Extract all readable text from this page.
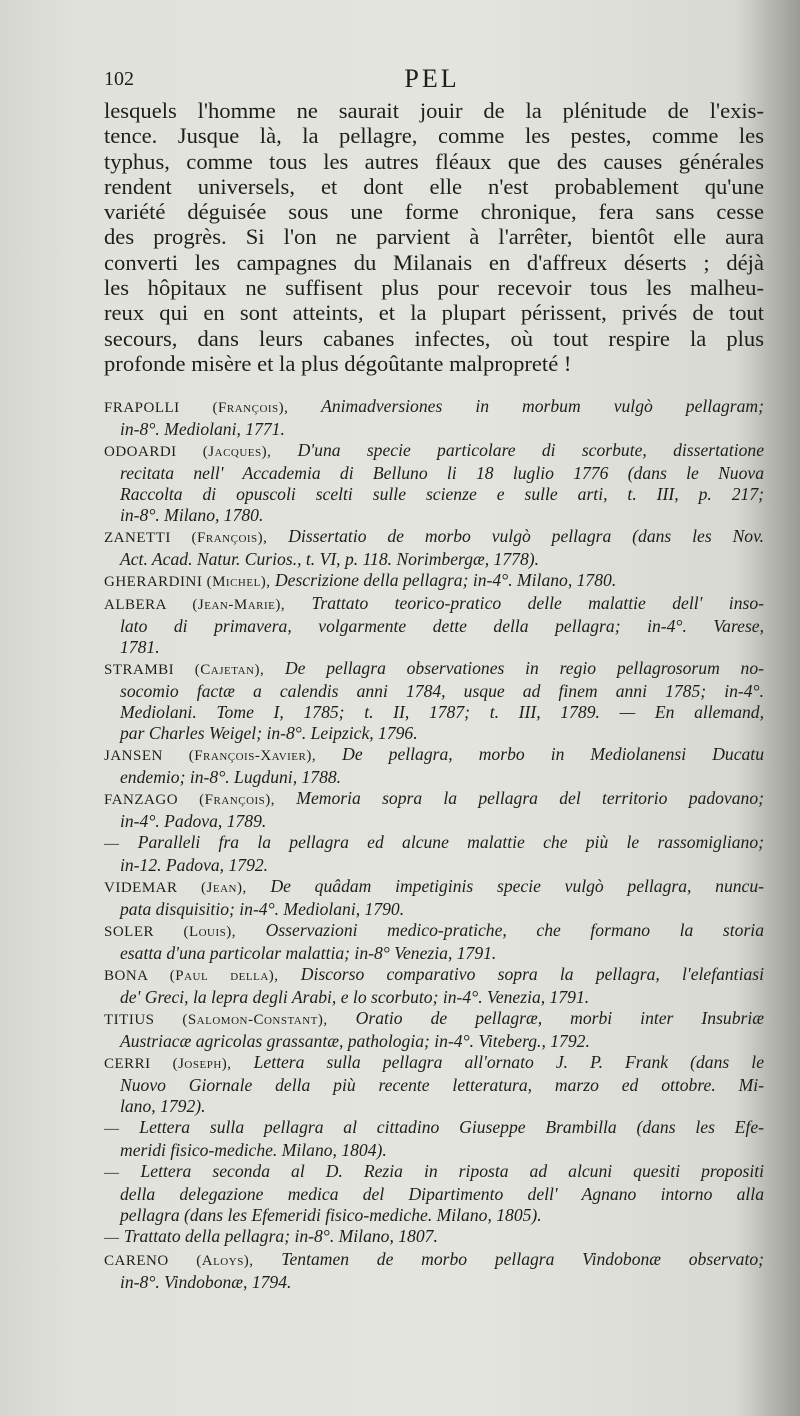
102	PEL
lesquels l'homme ne saurait jouir de la plénitude de l'exis-
tence. Jusque là, la pellagre, comme les pestes, comme les
typhus, comme tous les autres fléaux que des causes générales
rendent universels, et dont elle n'est probablement qu'une
variété déguisée sous une forme chronique, fera sans cesse
des progrès. Si l'on ne parvient à l'arrêter, bientôt elle aura
converti les campagnes du Milanais en d'affreux déserts ; déjà
les hôpitaux ne suffisent plus pour recevoir tous les malheu-
reux qui en sont atteints, et la plupart périssent, privés de tout
secours, dans leurs cabanes infectes, où tout respire la plus
profonde misère et la plus dégoûtante malpropreté !
FRAPOLLI (François), Animadversiones in morbum vulgò pellagram;
in-8°. Mediolani, 1771.
ODOARDI (Jacques), D'una specie particolare di scorbute, dissertatione
recitata nell' Accademia di Belluno li 18 luglio 1776 (dans le Nuova
Raccolta di opuscoli scelti sulle scienze e sulle arti, t. III, p. 217;
in-8°. Milano, 1780.
ZANETTI (François), Dissertatio de morbo vulgò pellagra (dans les Nov.
Act. Acad. Natur. Curios., t. VI, p. 118. Norimbergæ, 1778).
GHERARDINI (Michel), Descrizione della pellagra; in-4°. Milano, 1780.
ALBERA (Jean-Marie), Trattato teorico-pratico delle malattie dell' inso-
lato di primavera, volgarmente dette della pellagra; in-4°. Varese,
1781.
STRAMBI (Cajetan), De pellagra observationes in regio pellagrosorum no-
socomio factæ a calendis anni 1784, usque ad finem anni 1785; in-4°.
Mediolani. Tome I, 1785; t. II, 1787; t. III, 1789. — En allemand,
par Charles Weigel; in-8°. Leipzick, 1796.
JANSEN (François-Xavier), De pellagra, morbo in Mediolanensi Ducatu
endemio; in-8°. Lugduni, 1788.
FANZAGO (François), Memoria sopra la pellagra del territorio padovano;
in-4°. Padova, 1789.
— Paralleli fra la pellagra ed alcune malattie che più le rassomigliano;
in-12. Padova, 1792.
VIDEMAR (Jean), De quâdam impetiginis specie vulgò pellagra, nuncu-
pata disquisitio; in-4°. Mediolani, 1790.
SOLER (Louis), Osservazioni medico-pratiche, che formano la storia
esatta d'una particolar malattia; in-8° Venezia, 1791.
BONA (Paul della), Discorso comparativo sopra la pellagra, l'elefantiasi
de' Greci, la lepra degli Arabi, e lo scorbuto; in-4°. Venezia, 1791.
TITIUS (Salomon-Constant), Oratio de pellagræ, morbi inter Insubriæ
Austriacæ agricolas grassantæ, pathologia; in-4°. Viteberg., 1792.
CERRI (Joseph), Lettera sulla pellagra all'ornato J. P. Frank (dans le
Nuovo Giornale della più recente letteratura, marzo ed ottobre. Mi-
lano, 1792).
— Lettera sulla pellagra al cittadino Giuseppe Brambilla (dans les Efe-
meridi fisico-mediche. Milano, 1804).
— Lettera seconda al D. Rezia in riposta ad alcuni quesiti propositi
della delegazione medica del Dipartimento dell' Agnano intorno alla
pellagra (dans les Efemeridi fisico-mediche. Milano, 1805).
— Trattato della pellagra; in-8°. Milano, 1807.
CARENO (Aloys), Tentamen de morbo pellagra Vindobonæ observato;
in-8°. Vindobonæ, 1794.
